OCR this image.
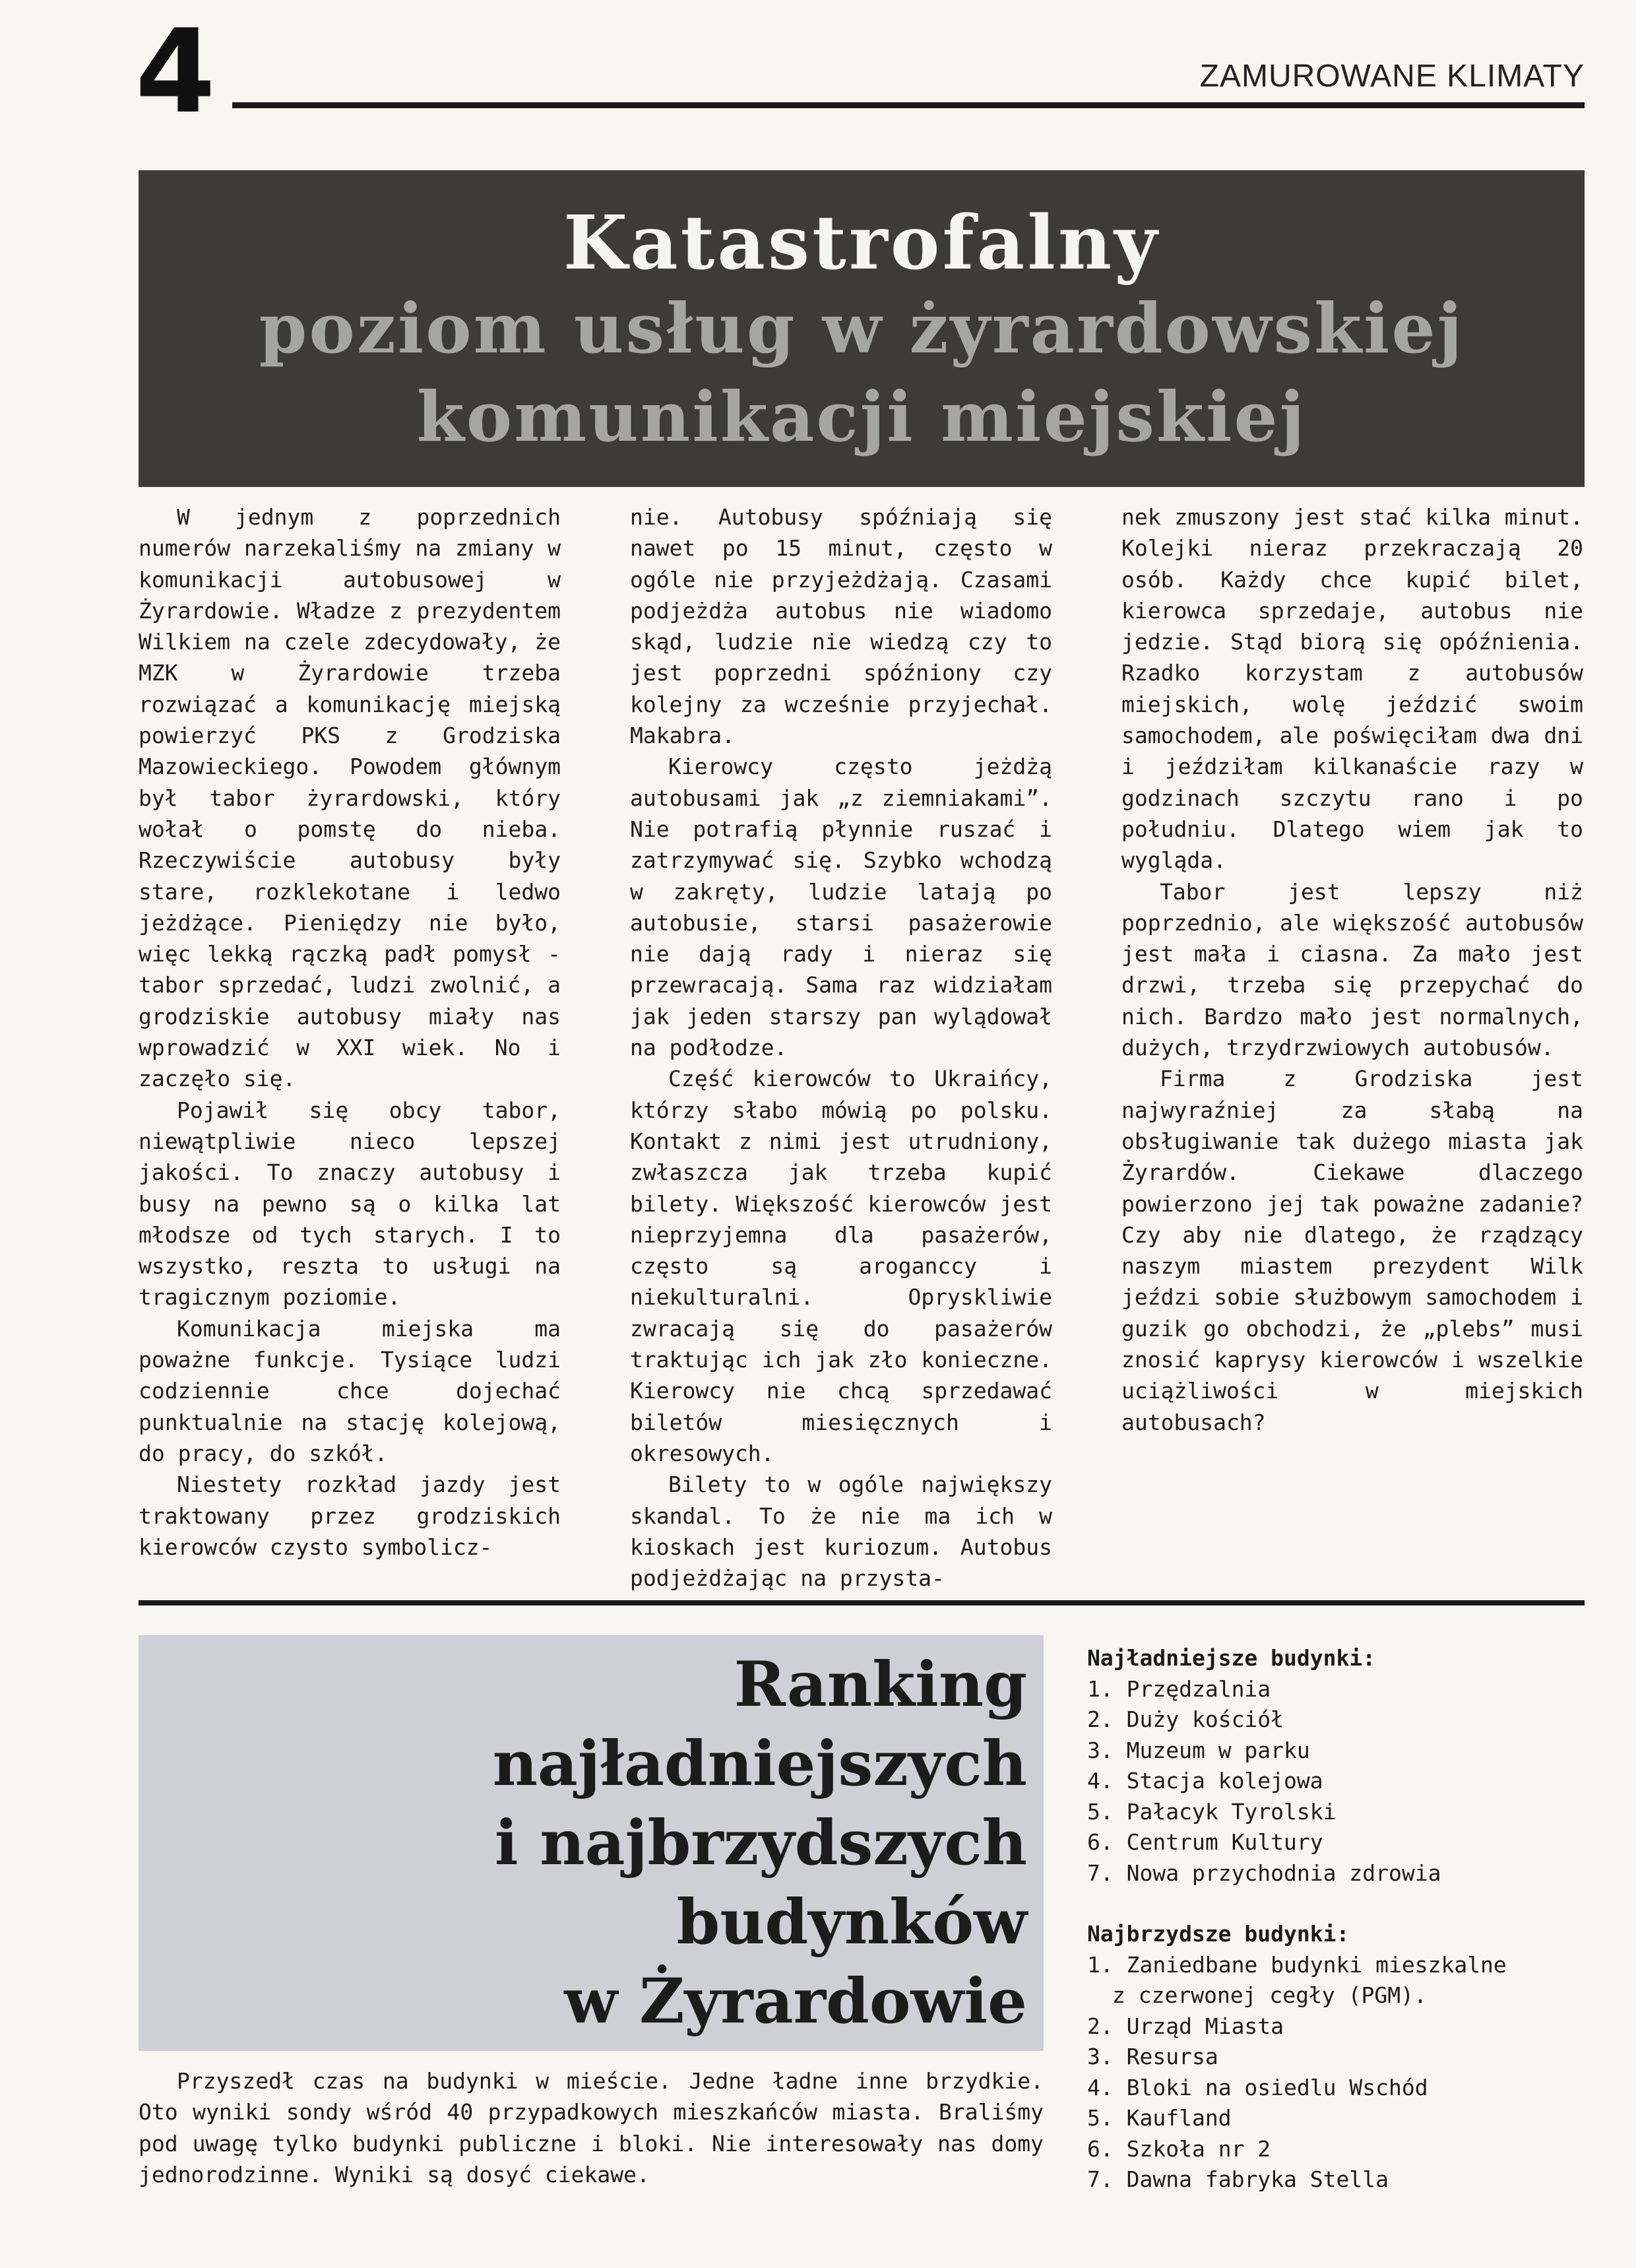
4	ZAMUROWANE KLIMATY
Katastrofalny
poziom usług w żyrardowskiej
komunikacji miejskiej

W jednym z poprzednich numerów narzekaliśmy na zmiany w komunikacji autobusowej w Żyrardowie. Władze z prezydentem Wilkiem na czele zdecydowały, że MZK w Żyrardowie trzeba rozwiązać a komunikację miejską powierzyć PKS z Grodziska Mazowieckiego. Powodem głównym był tabor żyrardowski, który wołał o pomstę do nieba. Rzeczywiście autobusy były stare, rozklekotane i ledwo jeżdżące. Pieniędzy nie było, więc lekką rączką padł pomysł - tabor sprzedać, ludzi zwolnić, a grodziskie autobusy miały nas wprowadzić w XXI wiek. No i zaczęło się.

Pojawił się obcy tabor, niewątpliwie nieco lepszej jakości. To znaczy autobusy i busy na pewno są o kilka lat młodsze od tych starych. I to wszystko, reszta to usługi na tragicznym poziomie.

Komunikacja miejska ma poważne funkcje. Tysiące ludzi codziennie chce dojechać punktualnie na stację kolejową, do pracy, do szkół.

Niestety rozkład jazdy jest traktowany przez grodziskich kierowców czysto symbolicz-

nie. Autobusy spóźniają się nawet po 15 minut, często w ogóle nie przyjeżdżają. Czasami podjeżdża autobus nie wiadomo skąd, ludzie nie wiedzą czy to jest poprzedni spóźniony czy kolejny za wcześnie przyjechał. Makabra.

Kierowcy często jeżdżą autobusami jak „z ziemniakami”. Nie potrafią płynnie ruszać i zatrzymywać się. Szybko wchodzą w zakręty, ludzie latają po autobusie, starsi pasażerowie nie dają rady i nieraz się przewracają. Sama raz widziałam jak jeden starszy pan wylądował na podłodze.

Część kierowców to Ukraińcy, którzy słabo mówią po polsku. Kontakt z nimi jest utrudniony, zwłaszcza jak trzeba kupić bilety. Większość kierowców jest nieprzyjemna dla pasażerów, często są aroganccy i niekulturalni. Opryskliwie zwracają się do pasażerów traktując ich jak zło konieczne. Kierowcy nie chcą sprzedawać biletów miesięcznych i okresowych.

Bilety to w ogóle największy skandal. To że nie ma ich w kioskach jest kuriozum. Autobus podjeżdżając na przysta-

nek zmuszony jest stać kilka minut. Kolejki nieraz przekraczają 20 osób. Każdy chce kupić bilet, kierowca sprzedaje, autobus nie jedzie. Stąd biorą się opóźnienia. Rzadko korzystam z autobusów miejskich, wolę jeździć swoim samochodem, ale poświęciłam dwa dni i jeździłam kilkanaście razy w godzinach szczytu rano i po południu. Dlatego wiem jak to wygląda.

Tabor jest lepszy niż poprzednio, ale większość autobusów jest mała i ciasna. Za mało jest drzwi, trzeba się przepychać do nich. Bardzo mało jest normalnych, dużych, trzydrzwiowych autobusów.

Firma z Grodziska jest najwyraźniej za słabą na obsługiwanie tak dużego miasta jak Żyrardów. Ciekawe dlaczego powierzono jej tak poważne zadanie? Czy aby nie dlatego, że rządzący naszym miastem prezydent Wilk jeździ sobie służbowym samochodem i guzik go obchodzi, że „plebs” musi znosić kaprysy kierowców i wszelkie uciążliwości w miejskich autobusach?

Ranking
najładniejszych
i najbrzydszych
budynków
w Żyrardowie

Przyszedł czas na budynki w mieście. Jedne ładne inne brzydkie. Oto wyniki sondy wśród 40 przypadkowych mieszkańców miasta. Braliśmy pod uwagę tylko budynki publiczne i bloki. Nie interesowały nas domy jednorodzinne. Wyniki są dosyć ciekawe.

Najładniejsze budynki:
1. Przędzalnia
2. Duży kościół
3. Muzeum w parku
4. Stacja kolejowa
5. Pałacyk Tyrolski
6. Centrum Kultury
7. Nowa przychodnia zdrowia
Najbrzydsze budynki:
1. Zaniedbane budynki mieszkalne
z czerwonej cegły (PGM).
2. Urząd Miasta
3. Resursa
4. Bloki na osiedlu Wschód
5. Kaufland
6. Szkoła nr 2
7. Dawna fabryka Stella
